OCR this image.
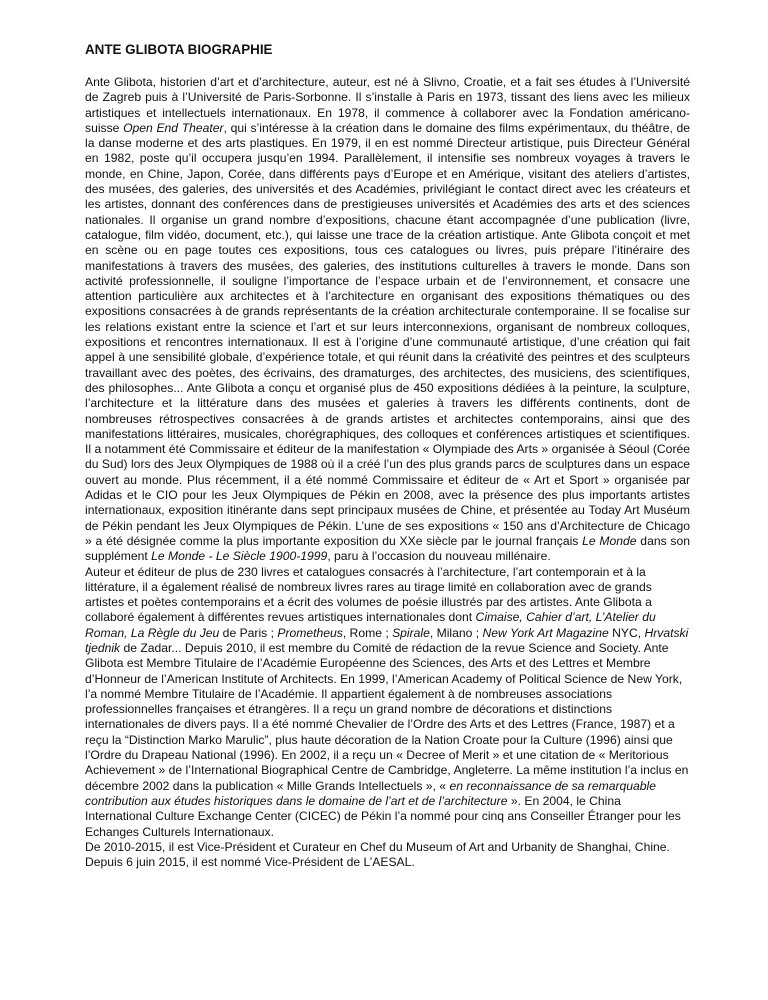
ANTE GLIBOTA BIOGRAPHIE

Ante Glibota, historien d’art et d’architecture, auteur, est né à Slivno, Croatie, et a fait ses études à l’Université de Zagreb puis à l’Université de Paris-Sorbonne. Il s’installe à Paris en 1973, tissant des liens avec les milieux artistiques et intellectuels internationaux. En 1978, il commence à collaborer avec la Fondation américano-suisse Open End Theater, qui s’intéresse à la création dans le domaine des films expérimentaux, du théâtre, de la danse moderne et des arts plastiques. En 1979, il en est nommé Directeur artistique, puis Directeur Général en 1982, poste qu’il occupera jusqu’en 1994. Parallèlement, il intensifie ses nombreux voyages à travers le monde, en Chine, Japon, Corée, dans différents pays d’Europe et en Amérique, visitant des ateliers d’artistes, des musées, des galeries, des universités et des Académies, privilégiant le contact direct avec les créateurs et les artistes, donnant des conférences dans de prestigieuses universités et Académies des arts et des sciences nationales. Il organise un grand nombre d’expositions, chacune étant accompagnée d’une publication (livre, catalogue, film vidéo, document, etc.), qui laisse une trace de la création artistique. Ante Glibota conçoit et met en scène ou en page toutes ces expositions, tous ces catalogues ou livres, puis prépare l’itinéraire des manifestations à travers des musées, des galeries, des institutions culturelles à travers le monde. Dans son activité professionnelle, il souligne l’importance de l’espace urbain et de l’environnement, et consacre une attention particulière aux architectes et à l’architecture en organisant des expositions thématiques ou des expositions consacrées à de grands représentants de la création architecturale contemporaine. Il se focalise sur les relations existant entre la science et l’art et sur leurs interconnexions, organisant de nombreux colloques, expositions et rencontres internationaux. Il est à l’origine d’une communauté artistique, d’une création qui fait appel à une sensibilité globale, d’expérience totale, et qui réunit dans la créativité des peintres et des sculpteurs travaillant avec des poètes, des écrivains, des dramaturges, des architectes, des musiciens, des scientifiques, des philosophes... Ante Glibota a conçu et organisé plus de 450 expositions dédiées à la peinture, la sculpture, l’architecture et la littérature dans des musées et galeries à travers les différents continents, dont de nombreuses rétrospectives consacrées à de grands artistes et architectes contemporains, ainsi que des manifestations littéraires, musicales, chorégraphiques, des colloques et conférences artistiques et scientifiques. Il a notamment été Commissaire et éditeur de la manifestation « Olympiade des Arts » organisée à Séoul (Corée du Sud) lors des Jeux Olympiques de 1988 où il a créé l’un des plus grands parcs de sculptures dans un espace ouvert au monde. Plus récemment, il a été nommé Commissaire et éditeur de « Art et Sport » organisée par Adidas et le CIO pour les Jeux Olympiques de Pékin en 2008, avec la présence des plus importants artistes internationaux, exposition itinérante dans sept principaux musées de Chine, et présentée au Today Art Muséum de Pékin pendant les Jeux Olympiques de Pékin. L’une de ses expositions « 150 ans d’Architecture de Chicago » a été désignée comme la plus importante exposition du XXe siècle par le journal français Le Monde dans son supplément Le Monde - Le Siècle 1900-1999, paru à l’occasion du nouveau millénaire.

Auteur et éditeur de plus de 230 livres et catalogues consacrés à l’architecture, l’art contemporain et à la littérature, il a également réalisé de nombreux livres rares au tirage limité en collaboration avec de grands artistes et poètes contemporains et a écrit des volumes de poésie illustrés par des artistes. Ante Glibota a collaboré également à différentes revues artistiques internationales dont Cimaise, Cahier d’art, L’Atelier du Roman, La Règle du Jeu de Paris ; Prometheus, Rome ; Spirale, Milano ; New York Art Magazine NYC, Hrvatski tjednik de Zadar... Depuis 2010, il est membre du Comité de rédaction de la revue Science and Society. Ante Glibota est Membre Titulaire de l’Académie Européenne des Sciences, des Arts et des Lettres et Membre d’Honneur de l’American Institute of Architects. En 1999, l’American Academy of Political Science de New York, l’a nommé Membre Titulaire de l’Académie. Il appartient également à de nombreuses associations professionnelles françaises et étrangères. Il a reçu un grand nombre de décorations et distinctions internationales de divers pays. Il a été nommé Chevalier de l’Ordre des Arts et des Lettres (France, 1987) et a reçu la “Distinction Marko Marulic”, plus haute décoration de la Nation Croate pour la Culture (1996) ainsi que l’Ordre du Drapeau National (1996). En 2002, il a reçu un « Decree of Merit » et une citation de « Meritorious Achievement » de l’International Biographical Centre de Cambridge, Angleterre. La même institution l’a inclus en décembre 2002 dans la publication « Mille Grands Intellectuels », « en reconnaissance de sa remarquable contribution aux études historiques dans le domaine de l’art et de l’architecture ». En 2004, le China International Culture Exchange Center (CICEC) de Pékin l’a nommé pour cinq ans Conseiller Étranger pour les Echanges Culturels Internationaux.

De 2010-2015, il est Vice-Président et Curateur en Chef du Museum of Art and Urbanity de Shanghai, Chine. Depuis 6 juin 2015, il est nommé Vice-Président de L’AESAL.
